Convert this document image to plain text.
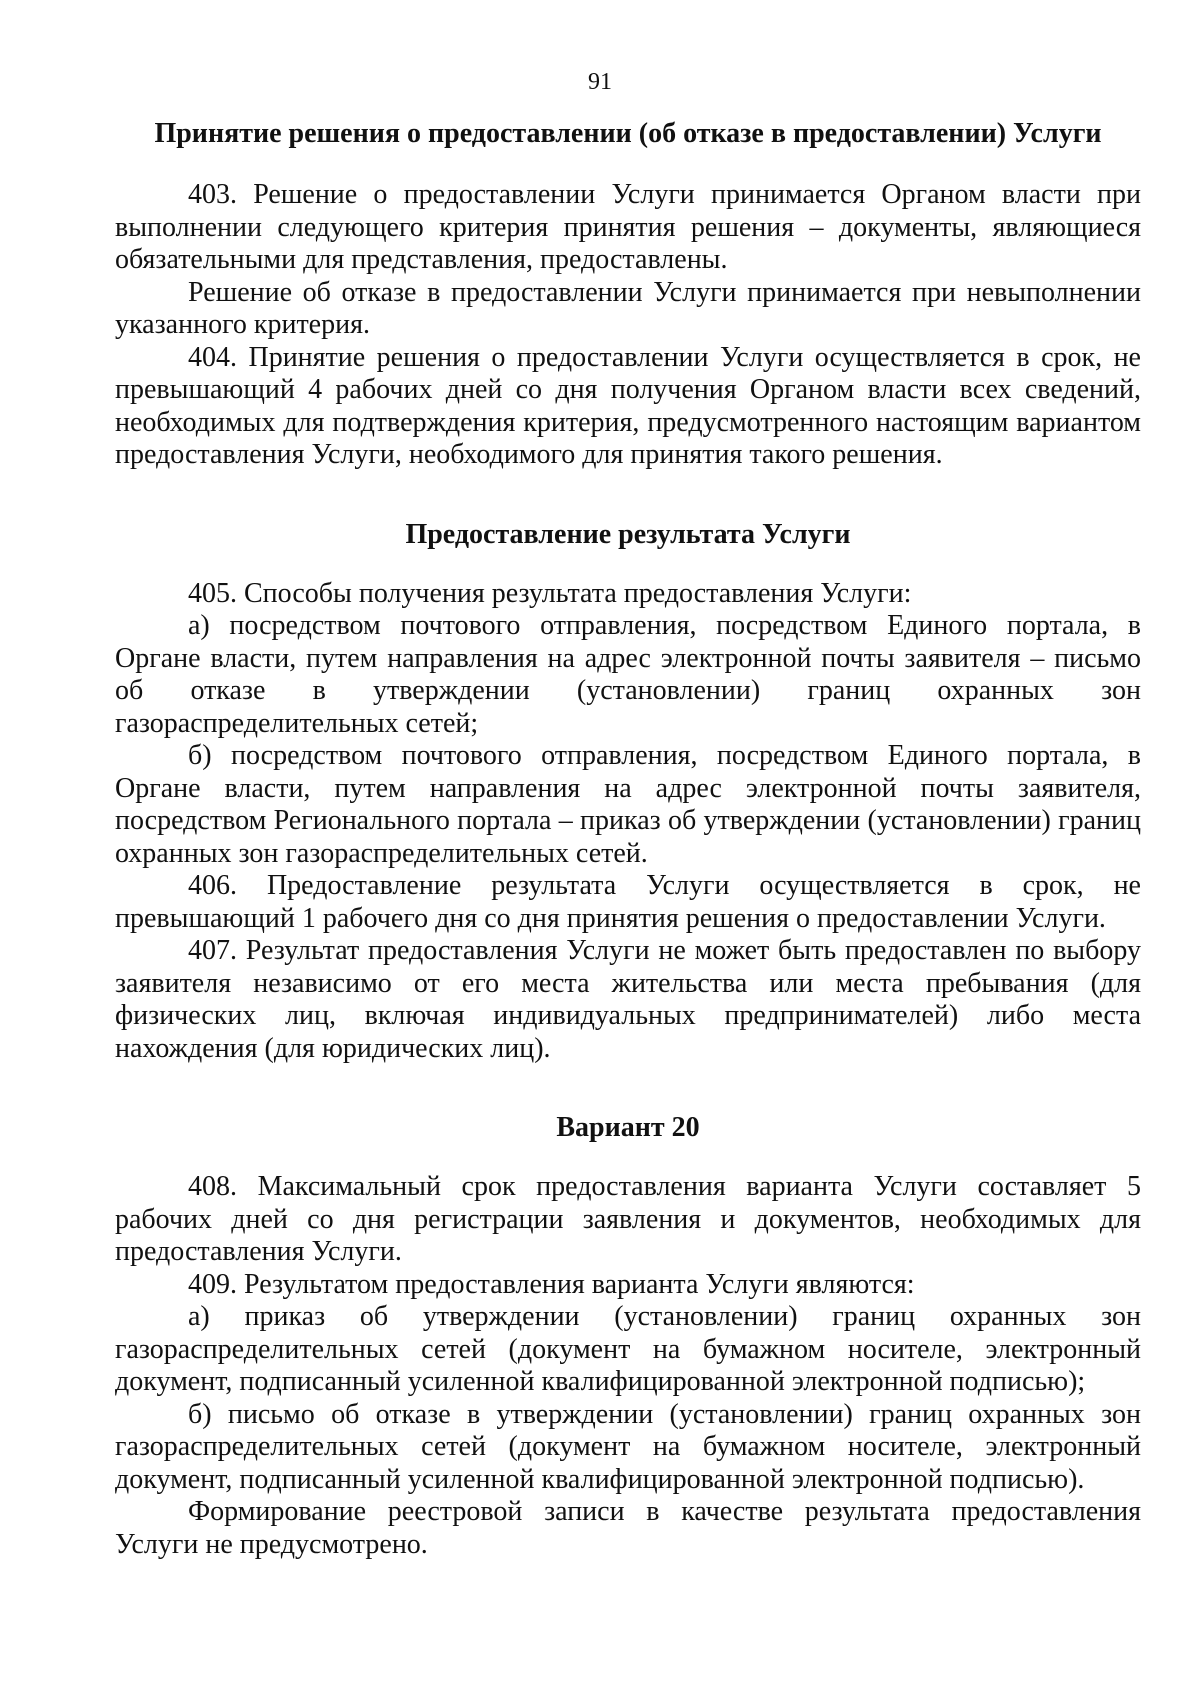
91
Принятие решения о предоставлении (об отказе в предоставлении) Услуги

403. Решение о предоставлении Услуги принимается Органом власти при выполнении следующего критерия принятия решения – документы, являющиеся обязательными для представления, предоставлены.

Решение об отказе в предоставлении Услуги принимается при невыполнении указанного критерия.

404. Принятие решения о предоставлении Услуги осуществляется в срок, не превышающий 4 рабочих дней со дня получения Органом власти всех сведений, необходимых для подтверждения критерия, предусмотренного настоящим вариантом предоставления Услуги, необходимого для принятия такого решения.

Предоставление результата Услуги

405. Способы получения результата предоставления Услуги:

а) посредством почтового отправления, посредством Единого портала, в Органе власти, путем направления на адрес электронной почты заявителя – письмо об отказе в утверждении (установлении) границ охранных зон газораспределительных сетей;

б) посредством почтового отправления, посредством Единого портала, в Органе власти, путем направления на адрес электронной почты заявителя, посредством Регионального портала – приказ об утверждении (установлении) границ охранных зон газораспределительных сетей.

406. Предоставление результата Услуги осуществляется в срок, не превышающий 1 рабочего дня со дня принятия решения о предоставлении Услуги.

407. Результат предоставления Услуги не может быть предоставлен по выбору заявителя независимо от его места жительства или места пребывания (для физических лиц, включая индивидуальных предпринимателей) либо места нахождения (для юридических лиц).

Вариант 20

408. Максимальный срок предоставления варианта Услуги составляет 5 рабочих дней со дня регистрации заявления и документов, необходимых для предоставления Услуги.

409. Результатом предоставления варианта Услуги являются:

а) приказ об утверждении (установлении) границ охранных зон газораспределительных сетей (документ на бумажном носителе, электронный документ, подписанный усиленной квалифицированной электронной подписью);

б) письмо об отказе в утверждении (установлении) границ охранных зон газораспределительных сетей (документ на бумажном носителе, электронный документ, подписанный усиленной квалифицированной электронной подписью).

Формирование реестровой записи в качестве результата предоставления Услуги не предусмотрено.
